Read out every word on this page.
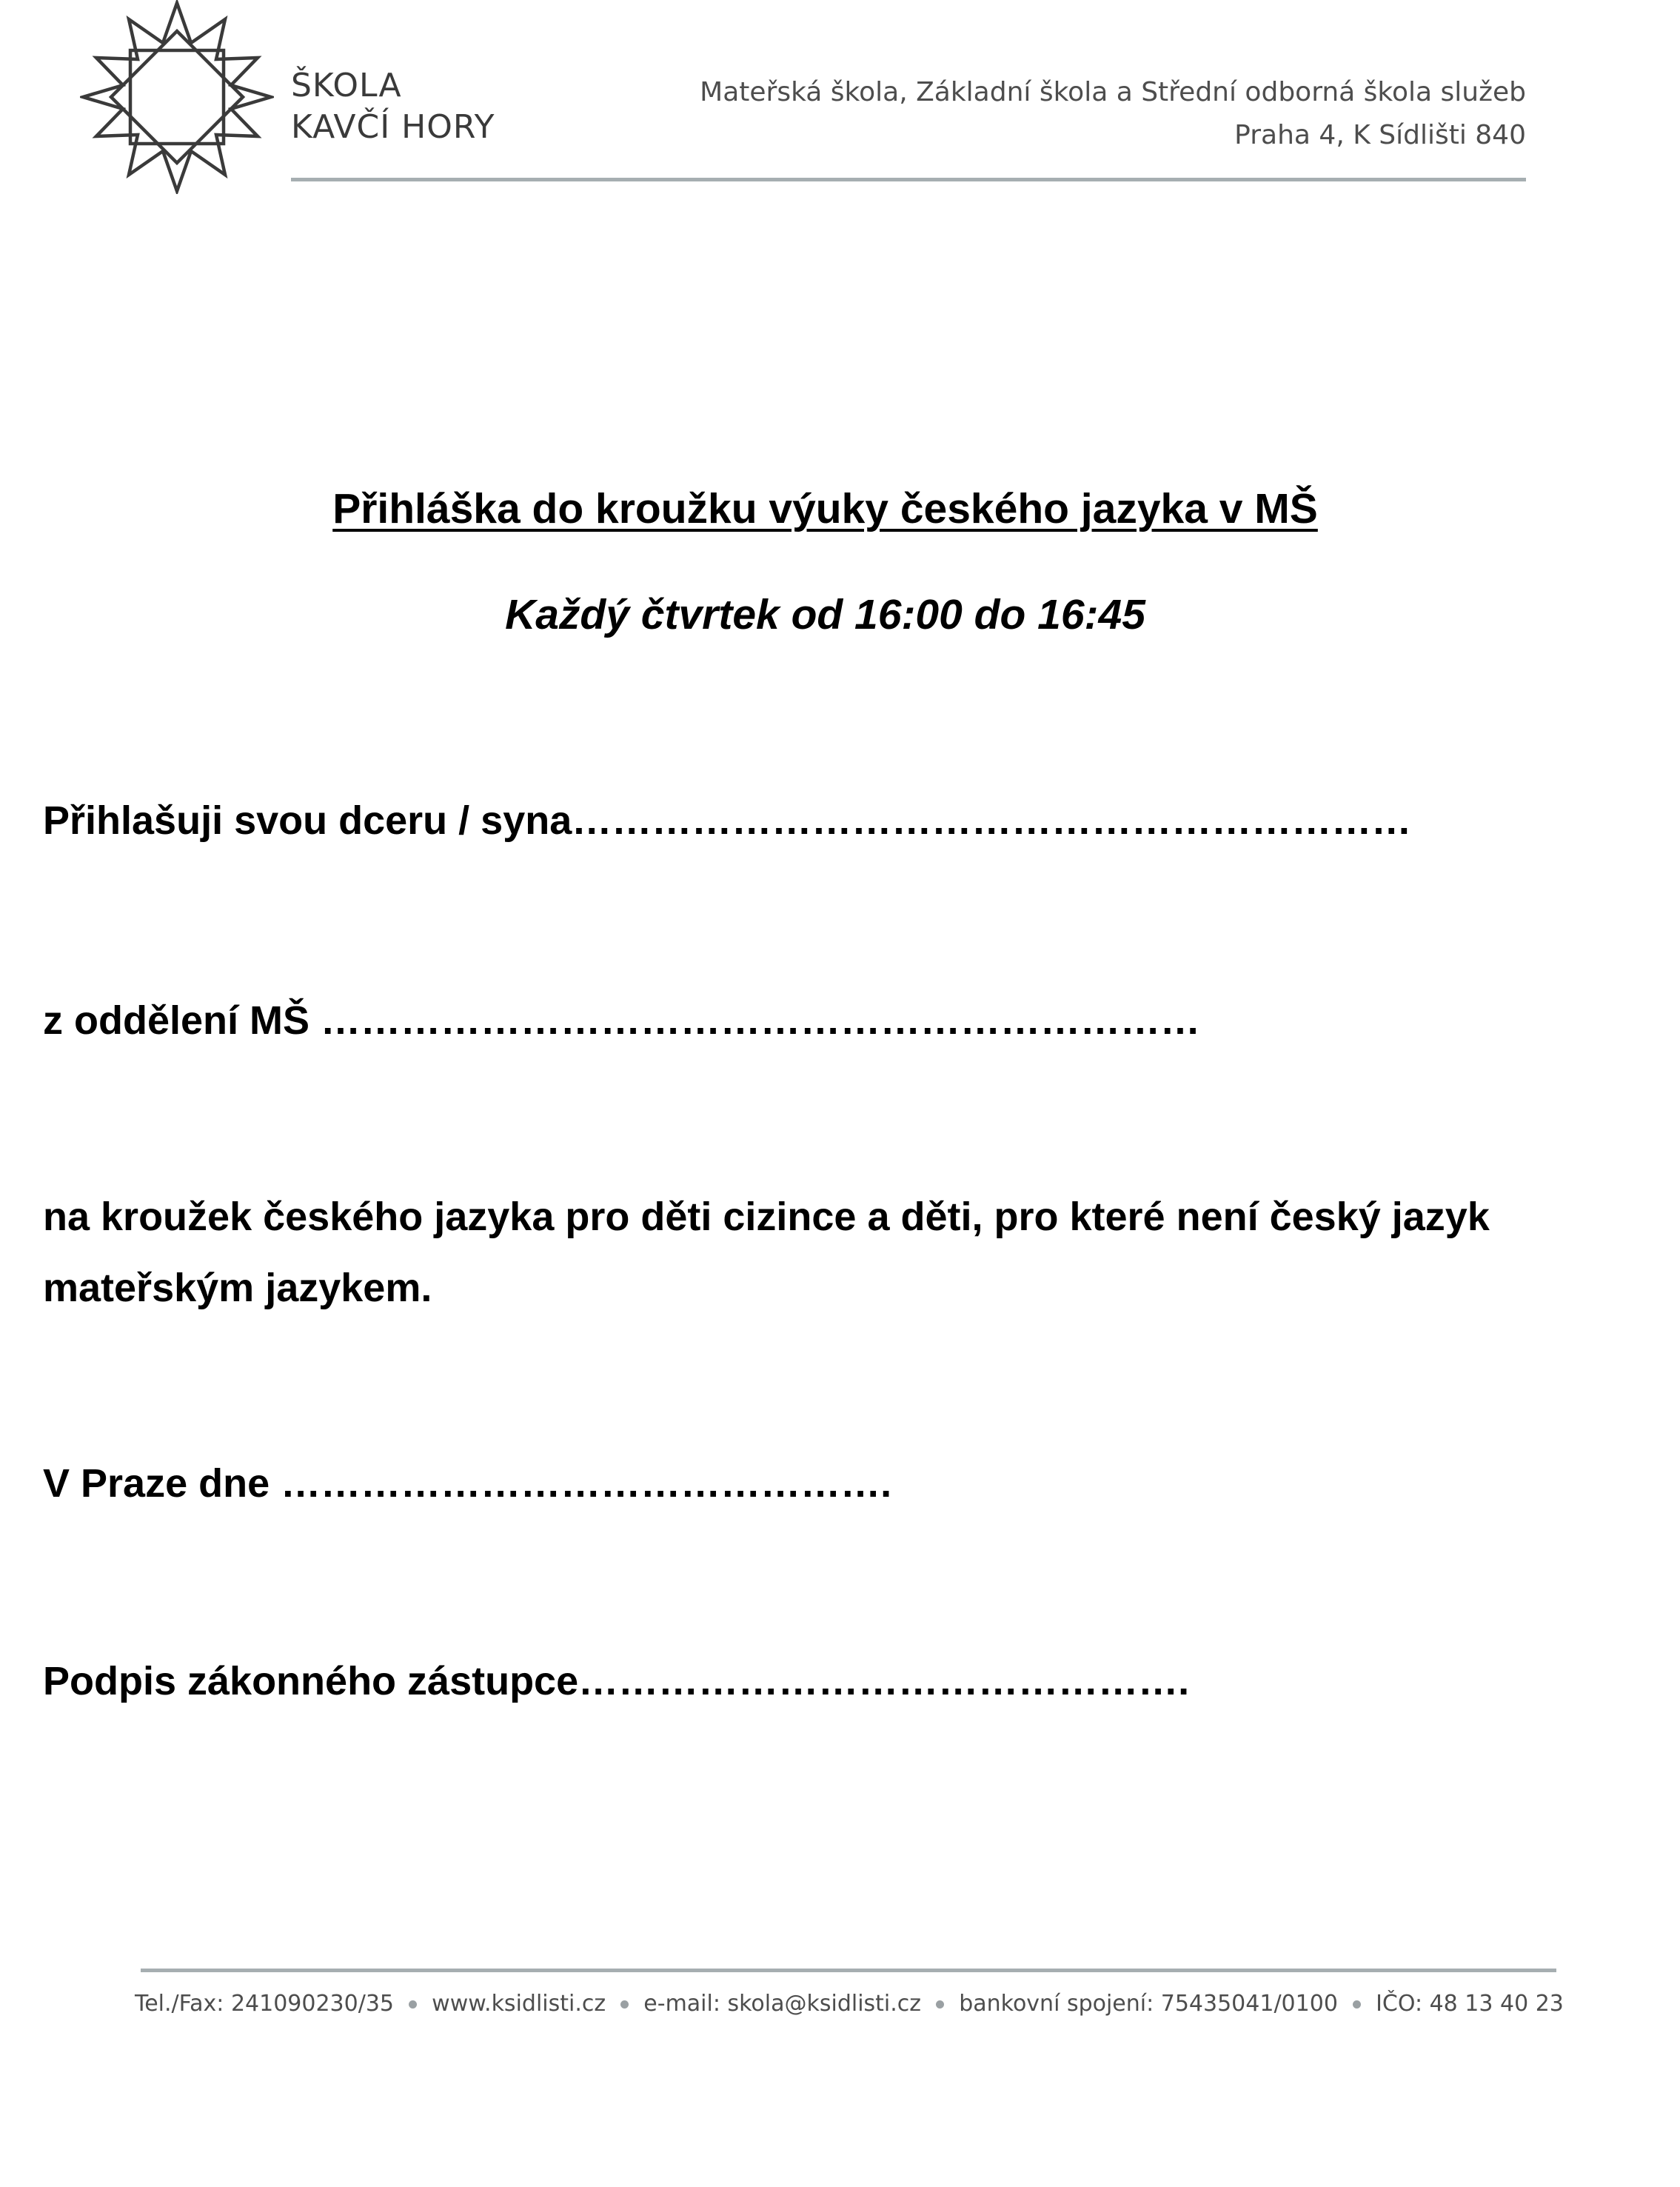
ŠKOLA
KAVČÍ HORY
Mateřská škola, Základní škola a Střední odborná škola služeb
Praha 4, K Sídlišti 840
Přihláška do kroužku výuky českého jazyka v MŠ
Každý čtvrtek od 16:00 do 16:45
Přihlašuji svou dceru / syna………………………………………………………
z oddělení MŠ …………………………………………………………
na kroužek českého jazyka pro děti cizince a děti, pro které není český jazyk mateřským jazykem.
V Praze dne ……………………………………….
Podpis zákonného zástupce……………………………………….
Tel./Fax: 241090230/35 www.ksidlisti.cz e-mail: skola@ksidlisti.cz bankovní spojení: 75435041/0100 IČO: 48 13 40 23
